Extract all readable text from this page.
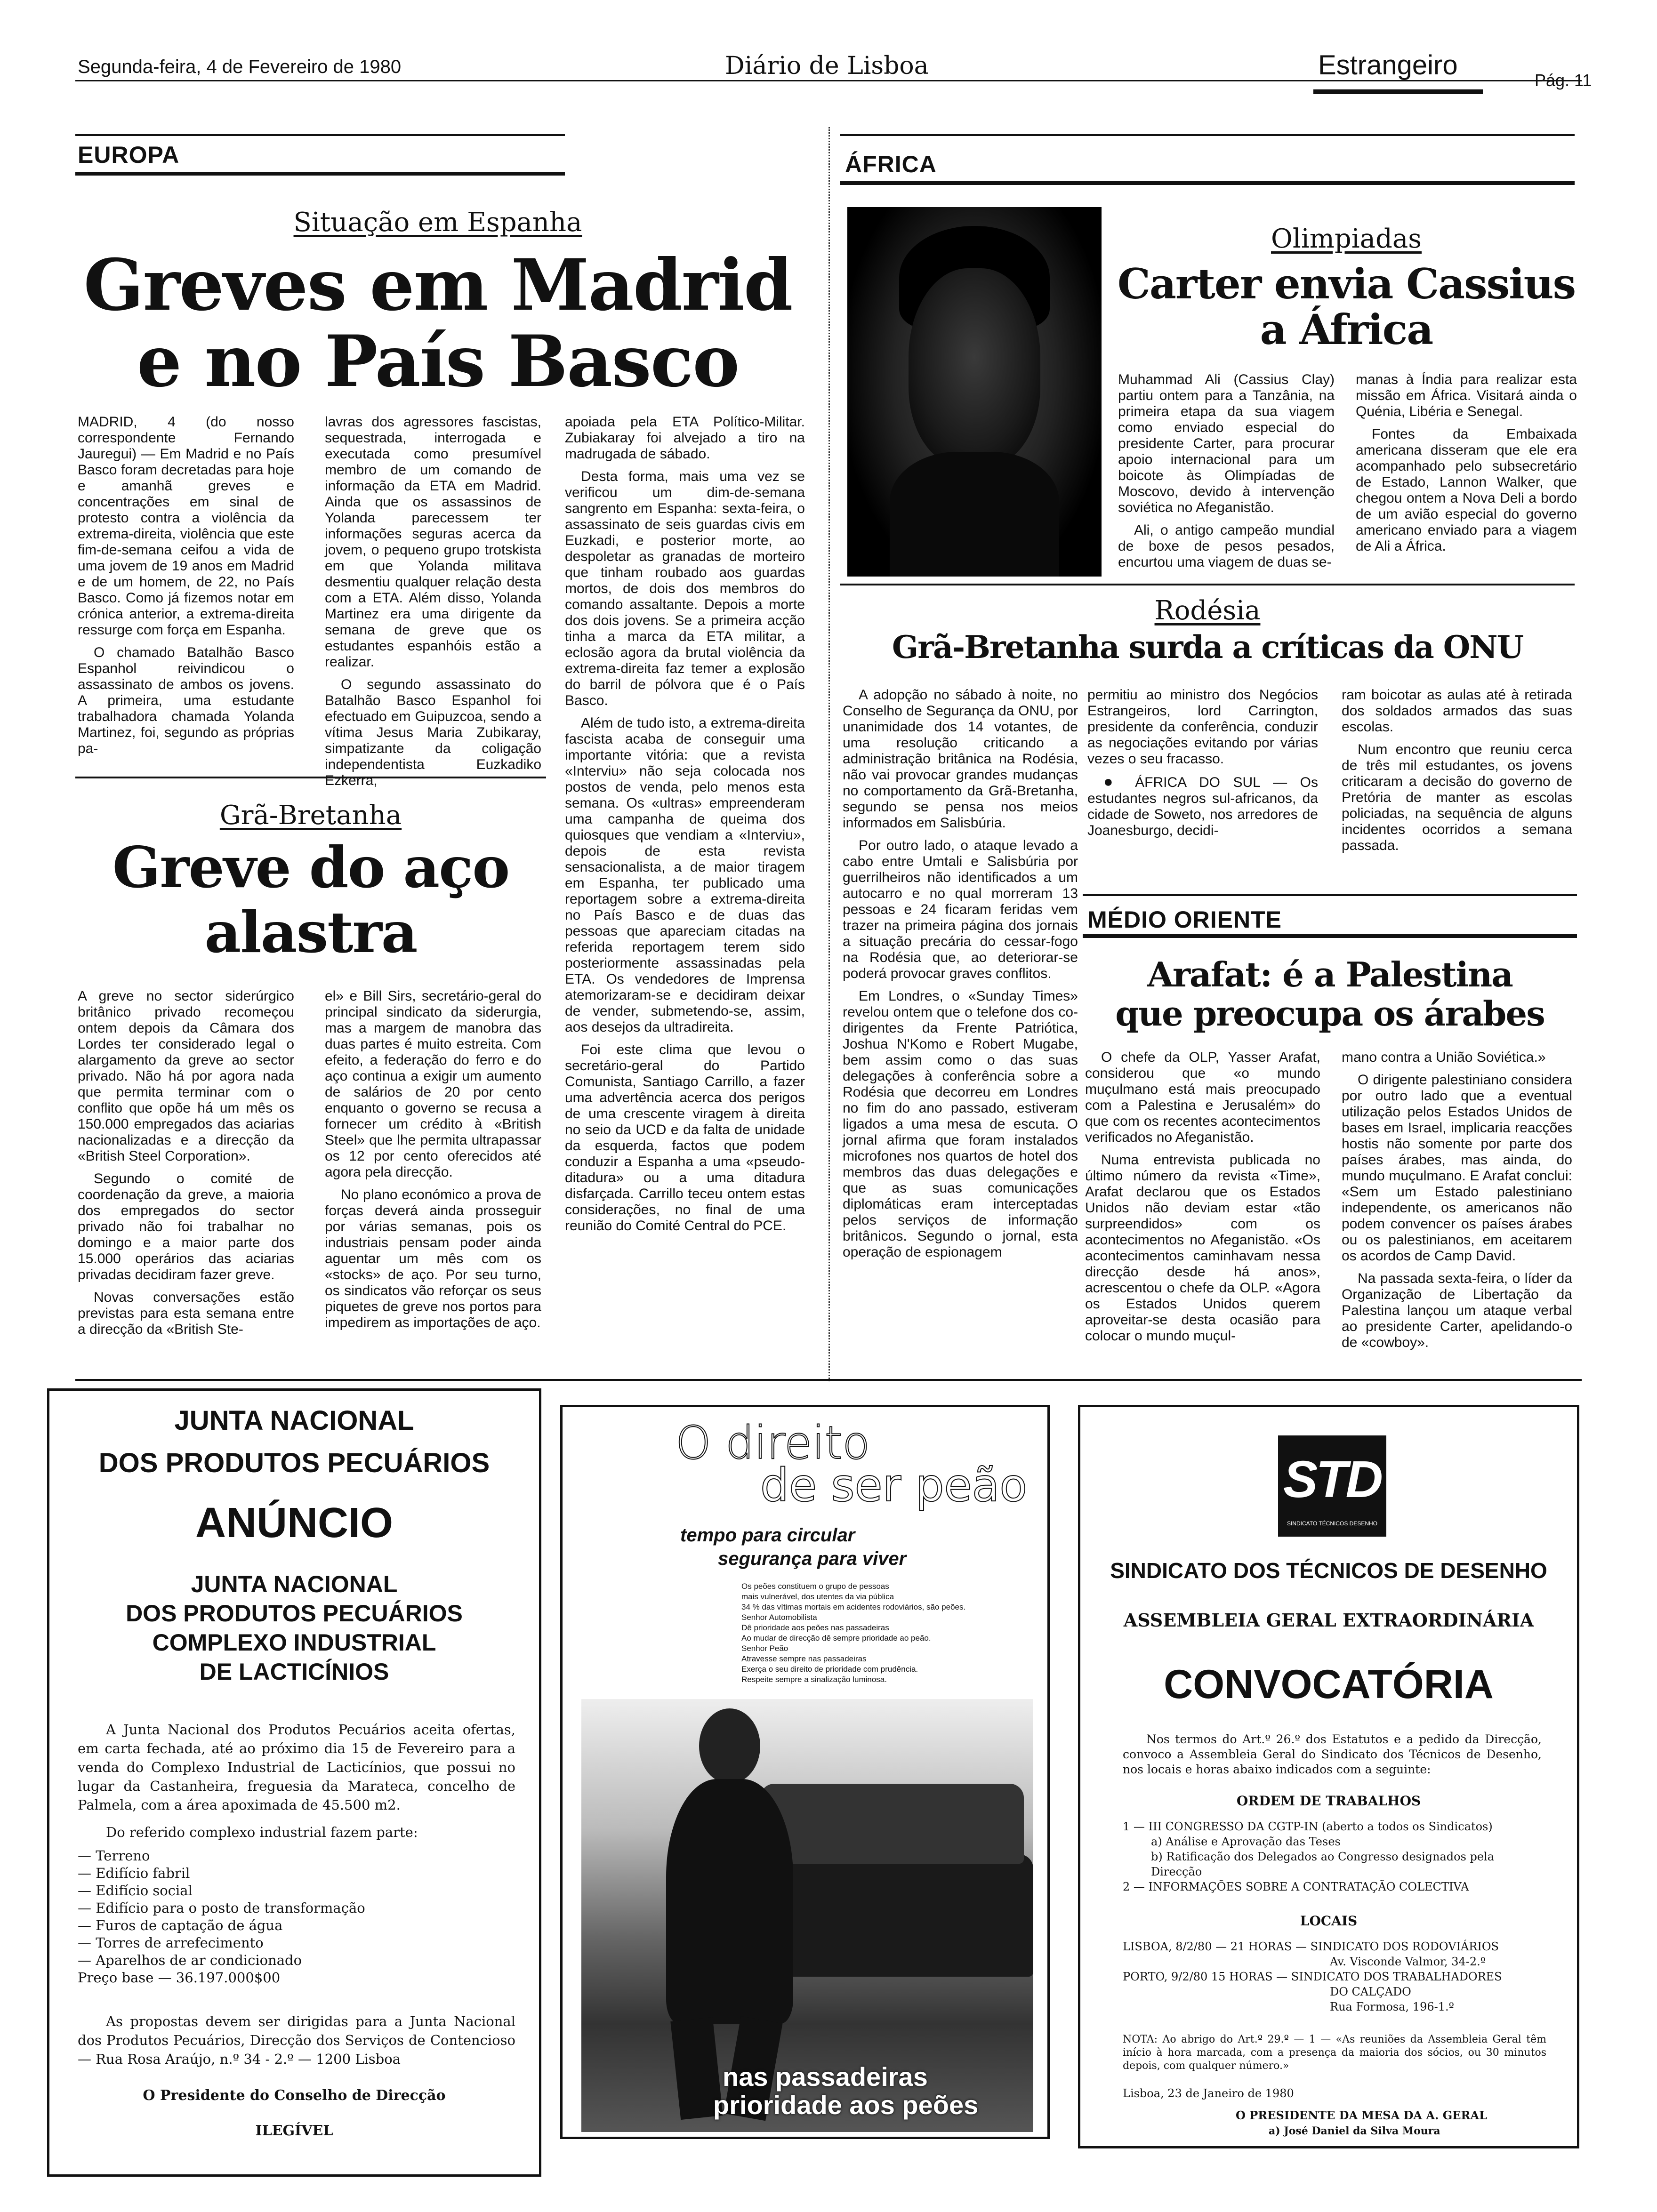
Segunda-feira, 4 de Fevereiro de 1980	Diário de Lisboa	Estrangeiro	Pág. 11
EUROPA
Situação em Espanha
Greves em Madrid
e no País Basco

MADRID, 4 (do nosso correspondente Fernando Jauregui) — Em Madrid e no País Basco foram decretadas para hoje e amanhã greves e concentrações em sinal de protesto contra a violência da extrema-direita, violência que este fim-de-semana ceifou a vida de uma jovem de 19 anos em Madrid e de um homem, de 22, no País Basco. Como já fizemos notar em crónica anterior, a extrema-direita ressurge com força em Espanha.

O chamado Batalhão Basco Espanhol reivindicou o assassinato de ambos os jovens. A primeira, uma estudante trabalhadora chamada Yolanda Martinez, foi, segundo as próprias pa-

lavras dos agressores fascistas, sequestrada, interrogada e executada como presumível membro de um comando de informação da ETA em Madrid. Ainda que os assassinos de Yolanda parecessem ter informações seguras acerca da jovem, o pequeno grupo trotskista em que Yolanda militava desmentiu qualquer relação desta com a ETA. Além disso, Yolanda Martinez era uma dirigente da semana de greve que os estudantes espanhóis estão a realizar.

O segundo assassinato do Batalhão Basco Espanhol foi efectuado em Guipuzcoa, sendo a vítima Jesus Maria Zubikaray, simpatizante da coligação independentista Euzkadiko Ezkerra,

apoiada pela ETA Político-Militar. Zubiakaray foi alvejado a tiro na madrugada de sábado.

Desta forma, mais uma vez se verificou um dim-de-semana sangrento em Espanha: sexta-feira, o assassinato de seis guardas civis em Euzkadi, e posterior morte, ao despoletar as granadas de morteiro que tinham roubado aos guardas mortos, de dois dos membros do comando assaltante. Depois a morte dos dois jovens. Se a primeira acção tinha a marca da ETA militar, a eclosão agora da brutal violência da extrema-direita faz temer a explosão do barril de pólvora que é o País Basco.

Além de tudo isto, a extrema-direita fascista acaba de conseguir uma importante vitória: que a revista «Interviu» não seja colocada nos postos de venda, pelo menos esta semana. Os «ultras» empreenderam uma campanha de queima dos quiosques que vendiam a «Interviu», depois de esta revista sensacionalista, a de maior tiragem em Espanha, ter publicado uma reportagem sobre a extrema-direita no País Basco e de duas das pessoas que apareciam citadas na referida reportagem terem sido posteriormente assassinadas pela ETA. Os vendedores de Imprensa atemorizaram-se e decidiram deixar de vender, submetendo-se, assim, aos desejos da ultradireita.

Foi este clima que levou o secretário-geral do Partido Comunista, Santiago Carrillo, a fazer uma advertência acerca dos perigos de uma crescente viragem à direita no seio da UCD e da falta de unidade da esquerda, factos que podem conduzir a Espanha a uma «pseudo-ditadura» ou a uma ditadura disfarçada. Carrillo teceu ontem estas considerações, no final de uma reunião do Comité Central do PCE.

Grã-Bretanha
Greve do aço
alastra

A greve no sector siderúrgico britânico privado recomeçou ontem depois da Câmara dos Lordes ter considerado legal o alargamento da greve ao sector privado. Não há por agora nada que permita terminar com o conflito que opõe há um mês os 150.000 empregados das aciarias nacionalizadas e a direcção da «British Steel Corporation».

Segundo o comité de coordenação da greve, a maioria dos empregados do sector privado não foi trabalhar no domingo e a maior parte dos 15.000 operários das aciarias privadas decidiram fazer greve.

Novas conversações estão previstas para esta semana entre a direcção da «British Ste-

el» e Bill Sirs, secretário-geral do principal sindicato da siderurgia, mas a margem de manobra das duas partes é muito estreita. Com efeito, a federação do ferro e do aço continua a exigir um aumento de salários de 20 por cento enquanto o governo se recusa a fornecer um crédito à «British Steel» que lhe permita ultrapassar os 12 por cento oferecidos até agora pela direcção.

No plano económico a prova de forças deverá ainda prosseguir por várias semanas, pois os industriais pensam poder ainda aguentar um mês com os «stocks» de aço. Por seu turno, os sindicatos vão reforçar os seus piquetes de greve nos portos para impedirem as importações de aço.

ÁFRICA
Olimpiadas
Carter envia Cassius
a África

Muhammad Ali (Cassius Clay) partiu ontem para a Tanzânia, na primeira etapa da sua viagem como enviado especial do presidente Carter, para procurar apoio internacional para um boicote às Olimpíadas de Moscovo, devido à intervenção soviética no Afeganistão.

Ali, o antigo campeão mundial de boxe de pesos pesados, encurtou uma viagem de duas se-

manas à Índia para realizar esta missão em África. Visitará ainda o Quénia, Libéria e Senegal.

Fontes da Embaixada americana disseram que ele era acompanhado pelo subsecretário de Estado, Lannon Walker, que chegou ontem a Nova Deli a bordo de um avião especial do governo americano enviado para a viagem de Ali a África.

Rodésia
Grã-Bretanha surda a críticas da ONU

A adopção no sábado à noite, no Conselho de Segurança da ONU, por unanimidade dos 14 votantes, de uma resolução criticando a administração britânica na Rodésia, não vai provocar grandes mudanças no comportamento da Grã-Bretanha, segundo se pensa nos meios informados em Salisbúria.

Por outro lado, o ataque levado a cabo entre Umtali e Salisbúria por guerrilheiros não identificados a um autocarro e no qual morreram 13 pessoas e 24 ficaram feridas vem trazer na primeira página dos jornais a situação precária do cessar-fogo na Rodésia que, ao deteriorar-se poderá provocar graves conflitos.

Em Londres, o «Sunday Times» revelou ontem que o telefone dos co-dirigentes da Frente Patriótica, Joshua N'Komo e Robert Mugabe, bem assim como o das suas delegações à conferência sobre a Rodésia que decorreu em Londres no fim do ano passado, estiveram ligados a uma mesa de escuta. O jornal afirma que foram instalados microfones nos quartos de hotel dos membros das duas delegações e que as suas comunicações diplomáticas eram interceptadas pelos serviços de informação britânicos. Segundo o jornal, esta operação de espionagem

permitiu ao ministro dos Negócios Estrangeiros, lord Carrington, presidente da conferência, conduzir as negociações evitando por várias vezes o seu fracasso.

● ÁFRICA DO SUL — Os estudantes negros sul-africanos, da cidade de Soweto, nos arredores de Joanesburgo, decidi-

ram boicotar as aulas até à retirada dos soldados armados das suas escolas.

Num encontro que reuniu cerca de três mil estudantes, os jovens criticaram a decisão do governo de Pretória de manter as escolas policiadas, na sequência de alguns incidentes ocorridos a semana passada.

MÉDIO ORIENTE
Arafat: é a Palestina
que preocupa os árabes

O chefe da OLP, Yasser Arafat, considerou que «o mundo muçulmano está mais preocupado com a Palestina e Jerusalém» do que com os recentes acontecimentos verificados no Afeganistão.

Numa entrevista publicada no último número da revista «Time», Arafat declarou que os Estados Unidos não deviam estar «tão surpreendidos» com os acontecimentos no Afeganistão. «Os acontecimentos caminhavam nessa direcção desde há anos», acrescentou o chefe da OLP. «Agora os Estados Unidos querem aproveitar-se desta ocasião para colocar o mundo muçul-

mano contra a União Soviética.»

O dirigente palestiniano considera por outro lado que a eventual utilização pelos Estados Unidos de bases em Israel, implicaria reacções hostis não somente por parte dos países árabes, mas ainda, do mundo muçulmano. E Arafat conclui: «Sem um Estado palestiniano independente, os americanos não podem convencer os países árabes ou os palestinianos, em aceitarem os acordos de Camp David.

Na passada sexta-feira, o líder da Organização de Libertação da Palestina lançou um ataque verbal ao presidente Carter, apelidando-o de «cowboy».

JUNTA NACIONAL
DOS PRODUTOS PECUÁRIOS
ANÚNCIO
JUNTA NACIONAL
DOS PRODUTOS PECUÁRIOS
COMPLEXO INDUSTRIAL
DE LACTICÍNIOS
A Junta Nacional dos Produtos Pecuários aceita ofertas, em carta fechada, até ao próximo dia 15 de Fevereiro para a venda do Complexo Industrial de Lacticínios, que possui no lugar da Castanheira, freguesia da Marateca, concelho de Palmela, com a área apoximada de 45.500 m2.
Do referido complexo industrial fazem parte:
— Terreno
— Edifício fabril
— Edifício social
— Edifício para o posto de transformação
— Furos de captação de água
— Torres de arrefecimento
— Aparelhos de ar condicionado
Preço base — 36.197.000$00
As propostas devem ser dirigidas para a Junta Nacional dos Produtos Pecuários, Direcção dos Serviços de Contencioso — Rua Rosa Araújo, n.º 34 - 2.º — 1200 Lisboa
O Presidente do Conselho de Direcção
ILEGÍVEL
O direito
de ser peão
tempo para circular
segurança para viver
Os peões constituem o grupo de pessoas
mais vulnerável, dos utentes da via pública
34 % das vítimas mortais em acidentes rodoviários, são peões.
Senhor Automobilista
Dê prioridade aos peões nas passadeiras
Ao mudar de direcção dê sempre prioridade ao peão.
Senhor Peão
Atravesse sempre nas passadeiras
Exerça o seu direito de prioridade com prudência.
Respeite sempre a sinalização luminosa.
nas passadeiras
prioridade aos peões
STD
SINDICATO TÉCNICOS DESENHO
SINDICATO DOS TÉCNICOS DE DESENHO
ASSEMBLEIA GERAL EXTRAORDINÁRIA
CONVOCATÓRIA
Nos termos do Art.º 26.º dos Estatutos e a pedido da Direcção, convoco a Assembleia Geral do Sindicato dos Técnicos de Desenho, nos locais e horas abaixo indicados com a seguinte:
ORDEM DE TRABALHOS
1 — III CONGRESSO DA CGTP-IN (aberto a todos os Sindicatos)
a) Análise e Aprovação das Teses
b) Ratificação dos Delegados ao Congresso designados pela Direcção
2 — INFORMAÇÕES SOBRE A CONTRATAÇÃO COLECTIVA
LOCAIS
LISBOA, 8/2/80 — 21 HORAS — SINDICATO DOS RODOVIÁRIOS
Av. Visconde Valmor, 34-2.º
PORTO, 9/2/80 15 HORAS — SINDICATO DOS TRABALHADORES
DO CALÇADO
Rua Formosa, 196-1.º
NOTA: Ao abrigo do Art.º 29.º — 1 — «As reuniões da Assembleia Geral têm início à hora marcada, com a presença da maioria dos sócios, ou 30 minutos depois, com qualquer número.»
Lisboa, 23 de Janeiro de 1980
O PRESIDENTE DA MESA DA A. GERAL
a) José Daniel da Silva Moura
